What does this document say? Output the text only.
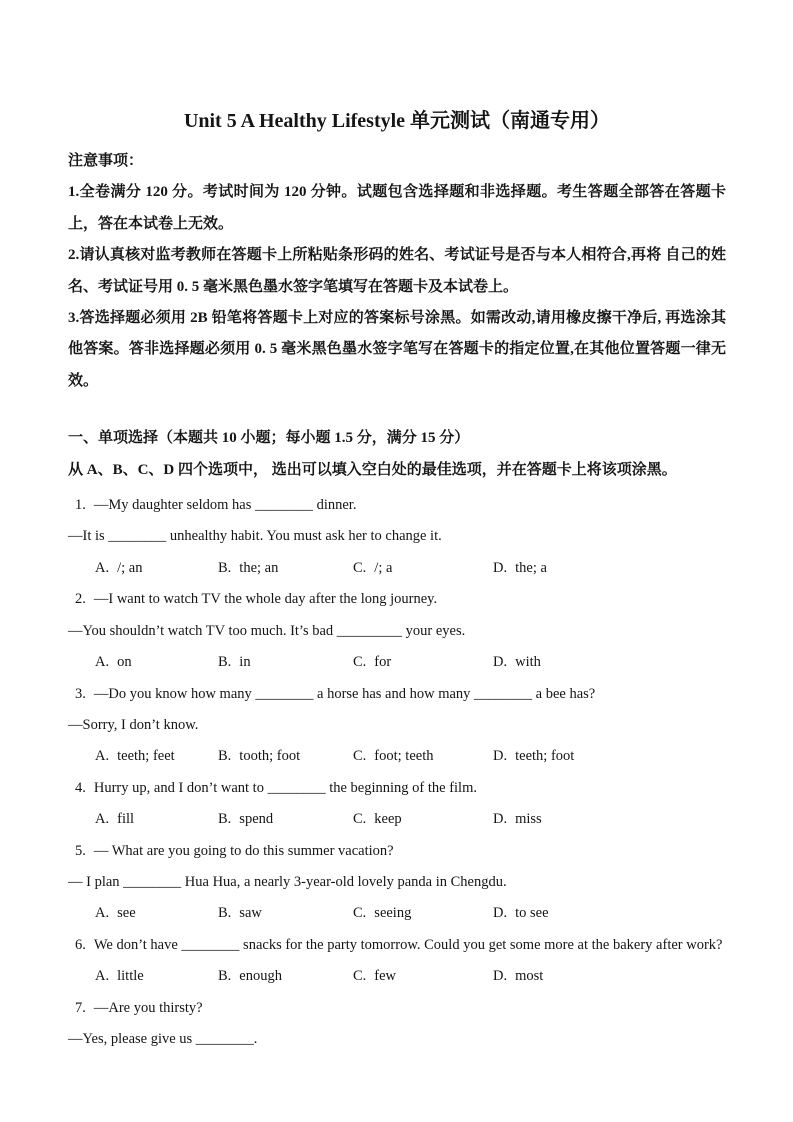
Unit 5 A Healthy Lifestyle 单元测试（南通专用）

注意事项：

1.全卷满分 120 分。考试时间为 120 分钟。试题包含选择题和非选择题。考生答题全部答在答题卡上，答在本试卷上无效。

2.请认真核对监考教师在答题卡上所粘贴条形码的姓名、考试证号是否与本人相符合,再将 自己的姓名、考试证号用 0. 5 毫米黑色墨水签字笔填写在答题卡及本试卷上。

3.答选择题必须用 2B 铅笔将答题卡上对应的答案标号涂黑。如需改动,请用橡皮擦干净后, 再选涂其他答案。答非选择题必须用 0. 5 毫米黑色墨水签字笔写在答题卡的指定位置,在其他位置答题一律无效。

一、单项选择（本题共 10 小题；每小题 1.5 分，满分 15 分）

从 A、B、C、D 四个选项中， 选出可以填入空白处的最佳选项，并在答题卡上将该项涂黑。

1. —My daughter seldom has ________ dinner.
—It is ________ unhealthy habit. You must ask her to change it.
A. /; an	B. the; an	C. /; a	D. the; a
2. —I want to watch TV the whole day after the long journey.
—You shouldn’t watch TV too much. It’s bad _________ your eyes.
A. on	B. in	C. for	D. with
3. —Do you know how many ________ a horse has and how many ________ a bee has?
—Sorry, I don’t know.
A. teeth; feet	B. tooth; foot	C. foot; teeth	D. teeth; foot
4. Hurry up, and I don’t want to ________ the beginning of the film.
A. fill	B. spend	C. keep	D. miss
5. — What are you going to do this summer vacation?
— I plan ________ Hua Hua, a nearly 3-year-old lovely panda in Chengdu.
A. see	B. saw	C. seeing	D. to see
6. We don’t have ________ snacks for the party tomorrow. Could you get some more at the bakery after work?
A. little	B. enough	C. few	D. most
7. —Are you thirsty?
—Yes, please give us ________.
